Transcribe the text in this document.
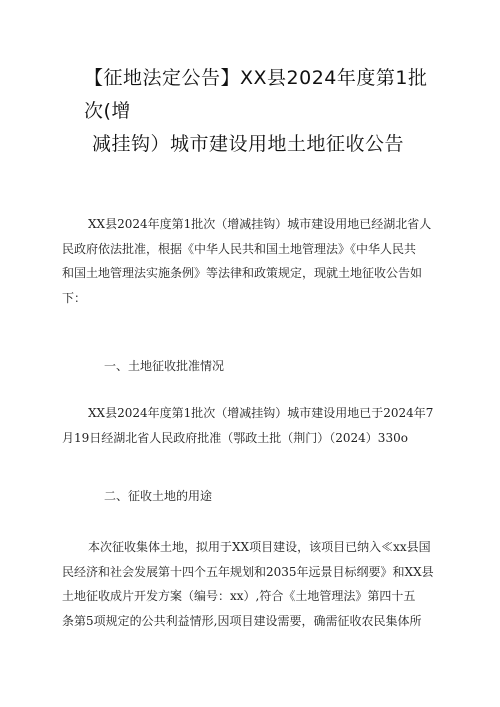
【征地法定公告】XX县2024年度第1批次(增
减挂钩）城市建设用地土地征收公告

XX县2024年度第1批次（增减挂钩）城市建设用地已经湖北省人

民政府依法批准，根据《中华人民共和国土地管理法》《中华人民共

和国土地管理法实施条例》等法律和政策规定，现就土地征收公告如

下：

一、土地征收批准情况

XX县2024年度第1批次（增减挂钩）城市建设用地已于2024年7

月19日经湖北省人民政府批准（鄂政土批（荆门）（2024）330o

二、征收土地的用途

本次征收集体土地，拟用于XX项目建设，该项目已纳入≪xx县国

民经济和社会发展第十四个五年规划和2035年远景目标纲要》和XX县

土地征收成片开发方案（编号：xx）,符合《土地管理法》第四十五

条第5项规定的公共利益情形,因项目建设需要，确需征收农民集体所
